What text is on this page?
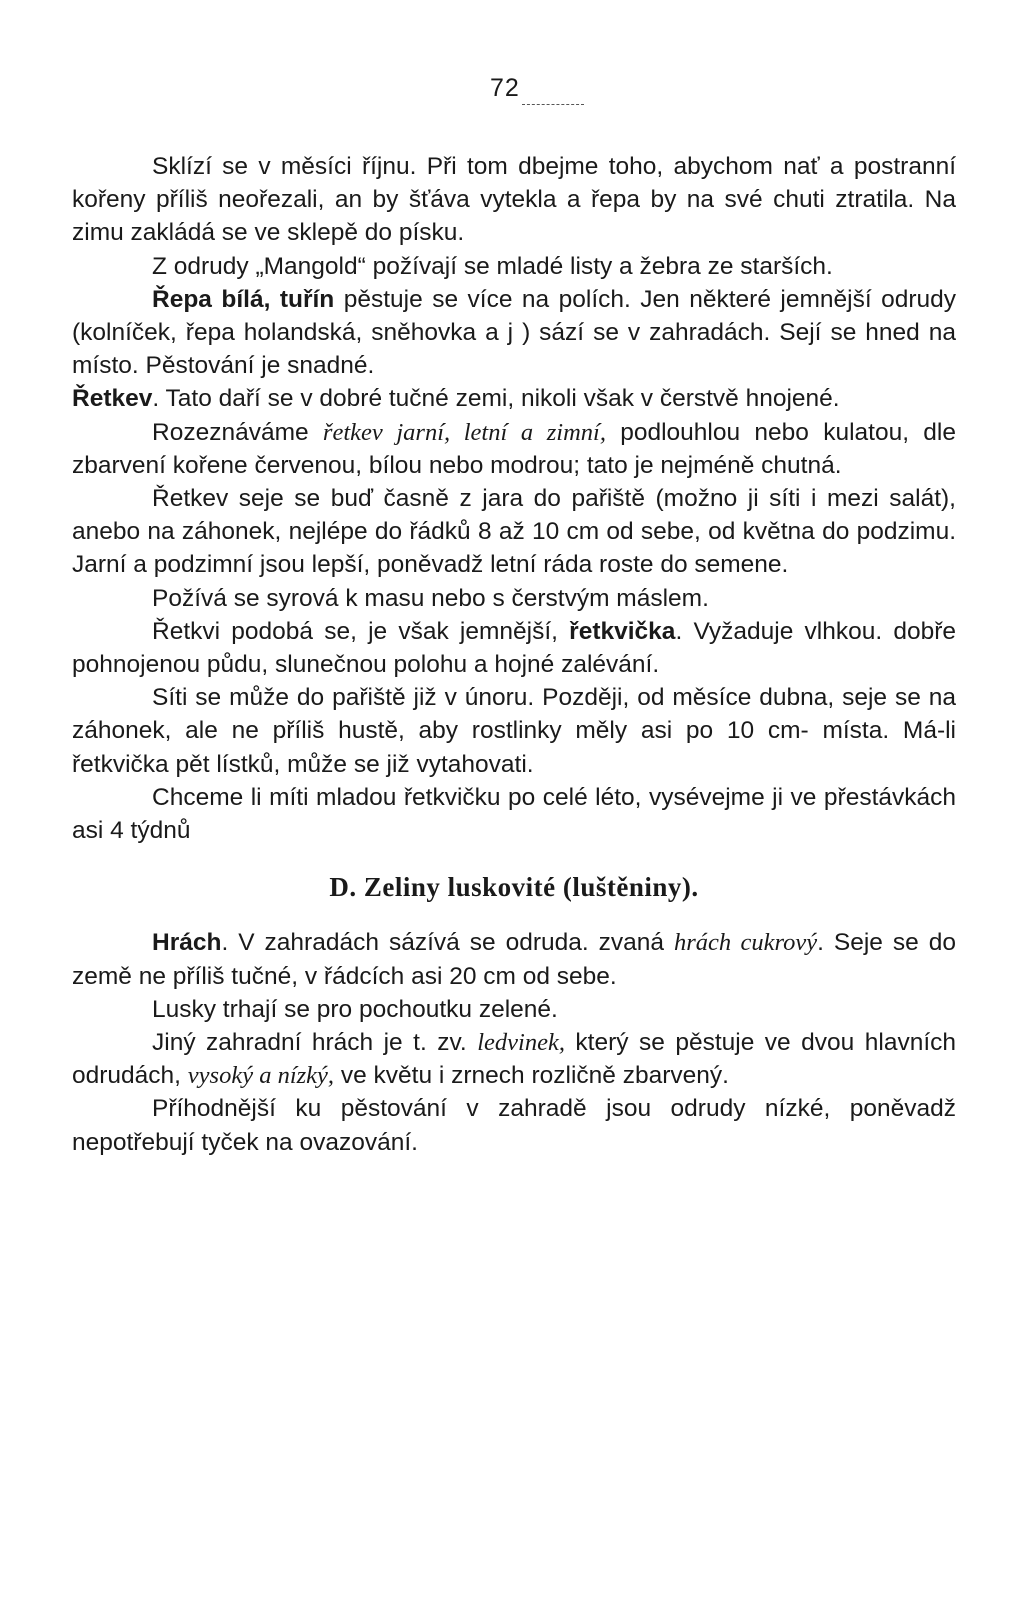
72

Sklízí se v měsíci říjnu. Při tom dbejme toho, abychom nať a postranní kořeny příliš neořezali, an by šťáva vytekla a řepa by na své chuti ztratila. Na zimu zakládá se ve sklepě do písku.

Z odrudy „Mangold“ požívají se mladé listy a žebra ze starších.

Řepa bílá, tuřín pěstuje se více na polích. Jen některé jemnější odrudy (kolníček, řepa holandská, sněhovka a j ) sází se v zahradách. Sejí se hned na místo. Pěstování je snadné.

Řetkev. Tato daří se v dobré tučné zemi, nikoli však v čerstvě hnojené.

Rozeznáváme řetkev jarní, letní a zimní, podlouhlou nebo kulatou, dle zbarvení kořene červenou, bílou nebo modrou; tato je nejméně chutná.

Řetkev seje se buď časně z jara do pařiště (možno ji síti i mezi salát), anebo na záhonek, nejlépe do řádků 8 až 10 cm od sebe, od května do podzimu. Jarní a podzimní jsou lepší, poněvadž letní ráda roste do semene.

Požívá se syrová k masu nebo s čerstvým máslem.

Řetkvi podobá se, je však jemnější, řetkvička. Vyžaduje vlhkou. dobře pohnojenou půdu, slunečnou polohu a hojné zalévání.

Síti se může do pařiště již v únoru. Později, od měsíce dubna, seje se na záhonek, ale ne příliš hustě, aby rostlinky měly asi po 10 cm- místa. Má-li řetkvička pět lístků, může se již vytahovati.

Chceme li míti mladou řetkvičku po celé léto, vysévejme ji ve přestávkách asi 4 týdnů

D. Zeliny luskovité (luštěniny).

Hrách. V zahradách sázívá se odruda. zvaná hrách cukrový. Seje se do země ne příliš tučné, v řádcích asi 20 cm od sebe.

Lusky trhají se pro pochoutku zelené.

Jiný zahradní hrách je t. zv. ledvinek, který se pěstuje ve dvou hlavních odrudách, vysoký a nízký, ve květu i zrnech rozličně zbarvený.

Příhodnější ku pěstování v zahradě jsou odrudy nízké, poněvadž nepotřebují tyček na ovazování.
